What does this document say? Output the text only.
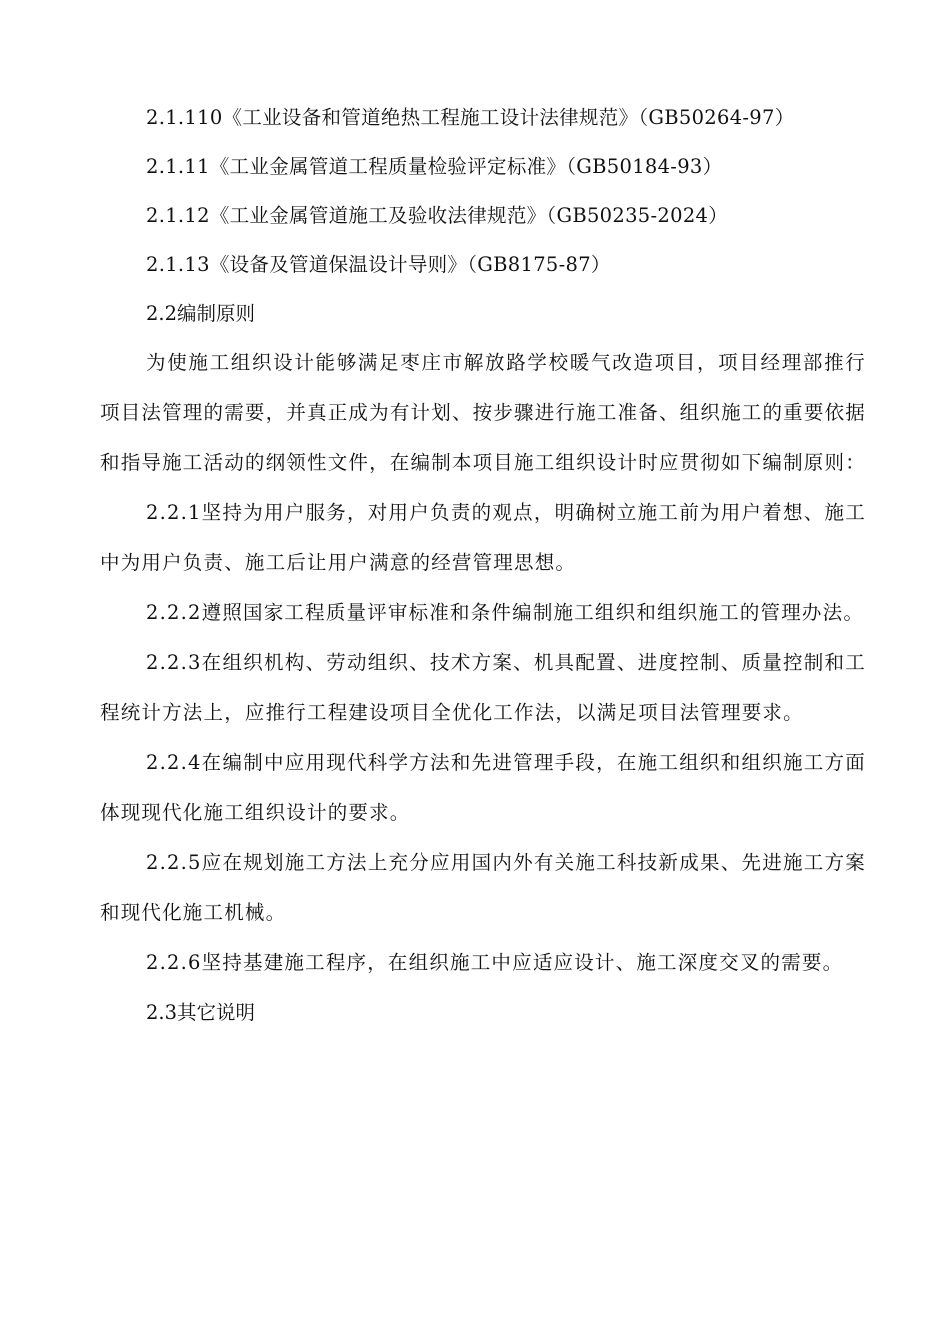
2.1.110《工业设备和管道绝热工程施工设计法律规范》（GB50264-97）

2.1.11《工业金属管道工程质量检验评定标准》（GB50184-93）

2.1.12《工业金属管道施工及验收法律规范》（GB50235-2024）

2.1.13《设备及管道保温设计导则》（GB8175-87）

2.2编制原则

为使施工组织设计能够满足枣庄市解放路学校暖气改造项目，项目经理部推行项目法管理的需要，并真正成为有计划、按步骤进行施工准备、组织施工的重要依据和指导施工活动的纲领性文件，在编制本项目施工组织设计时应贯彻如下编制原则：

2.2.1坚持为用户服务，对用户负责的观点，明确树立施工前为用户着想、施工中为用户负责、施工后让用户满意的经营管理思想。

2.2.2遵照国家工程质量评审标准和条件编制施工组织和组织施工的管理办法。

2.2.3在组织机构、劳动组织、技术方案、机具配置、进度控制、质量控制和工程统计方法上，应推行工程建设项目全优化工作法，以满足项目法管理要求。

2.2.4在编制中应用现代科学方法和先进管理手段，在施工组织和组织施工方面体现现代化施工组织设计的要求。

2.2.5应在规划施工方法上充分应用国内外有关施工科技新成果、先进施工方案和现代化施工机械。

2.2.6坚持基建施工程序，在组织施工中应适应设计、施工深度交叉的需要。

2.3其它说明
